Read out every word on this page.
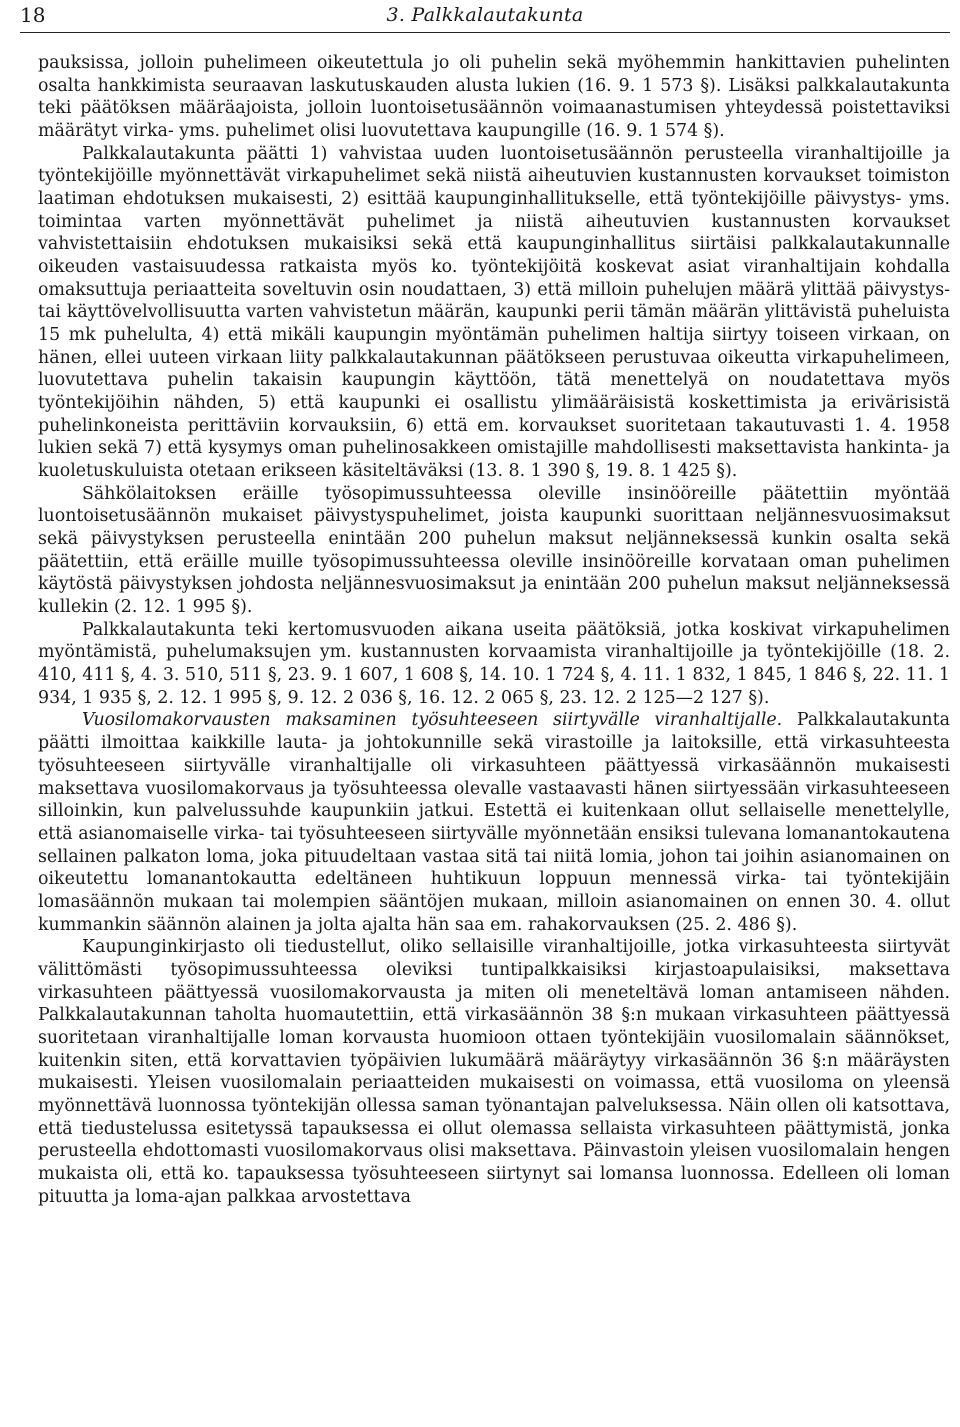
18	3. Palkkalautakunta

pauksissa, jolloin puhelimeen oikeutettula jo oli puhelin sekä myöhemmin hankittavien puhelinten osalta hankkimista seuraavan laskutuskauden alusta lukien (16. 9. 1 573 §). Lisäksi palkkalautakunta teki päätöksen määräajoista, jolloin luontoisetusäännön voimaanastumisen yhteydessä poistettaviksi määrätyt virka- yms. puhelimet olisi luovutettava kaupungille (16. 9. 1 574 §).

Palkkalautakunta päätti 1) vahvistaa uuden luontoisetusäännön perusteella viranhaltijoille ja työntekijöille myönnettävät virkapuhelimet sekä niistä aiheutuvien kustannusten korvaukset toimiston laatiman ehdotuksen mukaisesti, 2) esittää kaupunginhallitukselle, että työntekijöille päivystys- yms. toimintaa varten myönnettävät puhelimet ja niistä aiheutuvien kustannusten korvaukset vahvistettaisiin ehdotuksen mukaisiksi sekä että kaupunginhallitus siirtäisi palkkalautakunnalle oikeuden vastaisuudessa ratkaista myös ko. työntekijöitä koskevat asiat viranhaltijain kohdalla omaksuttuja periaatteita soveltuvin osin noudattaen, 3) että milloin puhelujen määrä ylittää päivystys- tai käyttövelvollisuutta varten vahvistetun määrän, kaupunki perii tämän määrän ylittävistä puheluista 15 mk puhelulta, 4) että mikäli kaupungin myöntämän puhelimen haltija siirtyy toiseen virkaan, on hänen, ellei uuteen virkaan liity palkkalautakunnan päätökseen perustuvaa oikeutta virkapuhelimeen, luovutettava puhelin takaisin kaupungin käyttöön, tätä menettelyä on noudatettava myös työntekijöihin nähden, 5) että kaupunki ei osallistu ylimääräisistä koskettimista ja erivärisistä puhelinkoneista perittäviin korvauksiin, 6) että em. korvaukset suoritetaan takautuvasti 1. 4. 1958 lukien sekä 7) että kysymys oman puhelinosakkeen omistajille mahdollisesti maksettavista hankinta- ja kuoletuskuluista otetaan erikseen käsiteltäväksi (13. 8. 1 390 §, 19. 8. 1 425 §).

Sähkölaitoksen eräille työsopimussuhteessa oleville insinööreille päätettiin myöntää luontoisetusäännön mukaiset päivystyspuhelimet, joista kaupunki suorittaan neljännesvuosimaksut sekä päivystyksen perusteella enintään 200 puhelun maksut neljänneksessä kunkin osalta sekä päätettiin, että eräille muille työsopimussuhteessa oleville insinööreille korvataan oman puhelimen käytöstä päivystyksen johdosta neljännesvuosimaksut ja enintään 200 puhelun maksut neljänneksessä kullekin (2. 12. 1 995 §).

Palkkalautakunta teki kertomusvuoden aikana useita päätöksiä, jotka koskivat virkapuhelimen myöntämistä, puhelumaksujen ym. kustannusten korvaamista viranhaltijoille ja työntekijöille (18. 2. 410, 411 §, 4. 3. 510, 511 §, 23. 9. 1 607, 1 608 §, 14. 10. 1 724 §, 4. 11. 1 832, 1 845, 1 846 §, 22. 11. 1 934, 1 935 §, 2. 12. 1 995 §, 9. 12. 2 036 §, 16. 12. 2 065 §, 23. 12. 2 125—2 127 §).

Vuosilomakorvausten maksaminen työsuhteeseen siirtyvälle viranhaltijalle. Palkkalautakunta päätti ilmoittaa kaikkille lauta- ja johtokunnille sekä virastoille ja laitoksille, että virkasuhteesta työsuhteeseen siirtyvälle viranhaltijalle oli virkasuhteen päättyessä virkasäännön mukaisesti maksettava vuosilomakorvaus ja työsuhteessa olevalle vastaavasti hänen siirtyessään virkasuhteeseen silloinkin, kun palvelussuhde kaupunkiin jatkui. Estettä ei kuitenkaan ollut sellaiselle menettelylle, että asianomaiselle virka- tai työsuhteeseen siirtyvälle myönnetään ensiksi tulevana lomanantokautena sellainen palkaton loma, joka pituudeltaan vastaa sitä tai niitä lomia, johon tai joihin asianomainen on oikeutettu lomanantokautta edeltäneen huhtikuun loppuun mennessä virka- tai työntekijäin lomasäännön mukaan tai molempien sääntöjen mukaan, milloin asianomainen on ennen 30. 4. ollut kummankin säännön alainen ja jolta ajalta hän saa em. rahakorvauksen (25. 2. 486 §).

Kaupunginkirjasto oli tiedustellut, oliko sellaisille viranhaltijoille, jotka virkasuhteesta siirtyvät välittömästi työsopimussuhteessa oleviksi tuntipalkkaisiksi kirjastoapulaisiksi, maksettava virkasuhteen päättyessä vuosilomakorvausta ja miten oli meneteltävä loman antamiseen nähden. Palkkalautakunnan taholta huomautettiin, että virkasäännön 38 §:n mukaan virkasuhteen päättyessä suoritetaan viranhaltijalle loman korvausta huomioon ottaen työntekijäin vuosilomalain säännökset, kuitenkin siten, että korvattavien työpäivien lukumäärä määräytyy virkasäännön 36 §:n määräysten mukaisesti. Yleisen vuosilomalain periaatteiden mukaisesti on voimassa, että vuosiloma on yleensä myönnettävä luonnossa työntekijän ollessa saman työnantajan palveluksessa. Näin ollen oli katsottava, että tiedustelussa esitetyssä tapauksessa ei ollut olemassa sellaista virkasuhteen päättymistä, jonka perusteella ehdottomasti vuosilomakorvaus olisi maksettava. Päinvastoin yleisen vuosilomalain hengen mukaista oli, että ko. tapauksessa työsuhteeseen siirtynyt sai lomansa luonnossa. Edelleen oli loman pituutta ja loma-ajan palkkaa arvostettava
